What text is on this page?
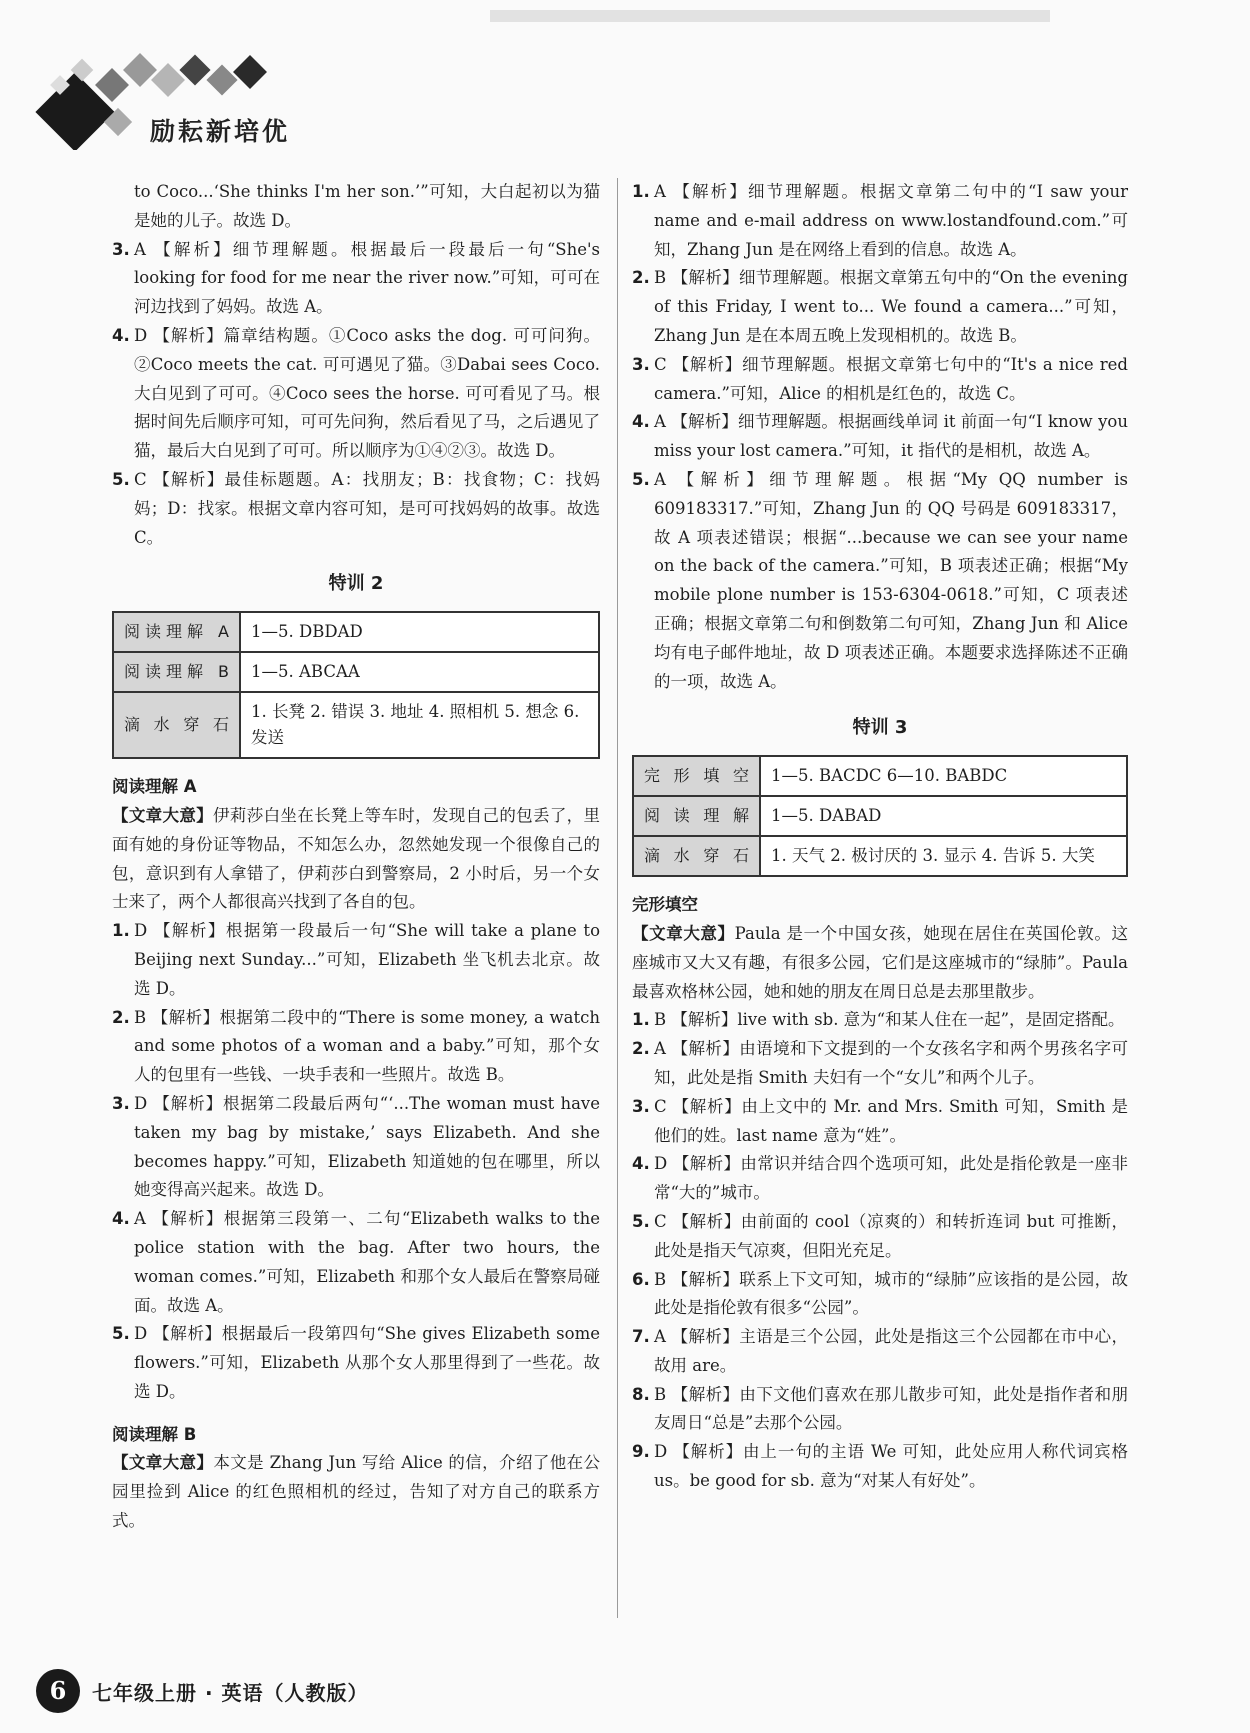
励耘新培优

to Coco...‘She thinks I'm her son.’”可知，大白起初以为猫是她的儿子。故选 D。

3. A 【解析】细节理解题。根据最后一段最后一句“She's looking for food for me near the river now.”可知，可可在河边找到了妈妈。故选 A。
4. D 【解析】篇章结构题。①Coco asks the dog. 可可问狗。②Coco meets the cat. 可可遇见了猫。③Dabai sees Coco. 大白见到了可可。④Coco sees the horse. 可可看见了马。根据时间先后顺序可知，可可先问狗，然后看见了马，之后遇见了猫，最后大白见到了可可。所以顺序为①④②③。故选 D。
5. C 【解析】最佳标题题。A：找朋友；B：找食物；C：找妈妈；D：找家。根据文章内容可知，是可可找妈妈的故事。故选 C。
特训 2
阅读理解 A	1—5. DBDAD
阅读理解 B	1—5. ABCAA
滴水穿石	1. 长凳 2. 错误 3. 地址 4. 照相机 5. 想念 6. 发送
阅读理解 A

【文章大意】伊莉莎白坐在长凳上等车时，发现自己的包丢了，里面有她的身份证等物品，不知怎么办，忽然她发现一个很像自己的包，意识到有人拿错了，伊莉莎白到警察局，2 小时后，另一个女士来了，两个人都很高兴找到了各自的包。

1. D 【解析】根据第一段最后一句“She will take a plane to Beijing next Sunday...”可知，Elizabeth 坐飞机去北京。故选 D。
2. B 【解析】根据第二段中的“There is some money, a watch and some photos of a woman and a baby.”可知，那个女人的包里有一些钱、一块手表和一些照片。故选 B。
3. D 【解析】根据第二段最后两句“‘...The woman must have taken my bag by mistake,’ says Elizabeth. And she becomes happy.”可知，Elizabeth 知道她的包在哪里，所以她变得高兴起来。故选 D。
4. A 【解析】根据第三段第一、二句“Elizabeth walks to the police station with the bag. After two hours, the woman comes.”可知，Elizabeth 和那个女人最后在警察局碰面。故选 A。
5. D 【解析】根据最后一段第四句“She gives Elizabeth some flowers.”可知，Elizabeth 从那个女人那里得到了一些花。故选 D。
阅读理解 B

【文章大意】本文是 Zhang Jun 写给 Alice 的信，介绍了他在公园里捡到 Alice 的红色照相机的经过，告知了对方自己的联系方式。

1. A 【解析】细节理解题。根据文章第二句中的“I saw your name and e-mail address on www.lostandfound.com.”可知，Zhang Jun 是在网络上看到的信息。故选 A。
2. B 【解析】细节理解题。根据文章第五句中的“On the evening of this Friday, I went to... We found a camera...”可知，Zhang Jun 是在本周五晚上发现相机的。故选 B。
3. C 【解析】细节理解题。根据文章第七句中的“It's a nice red camera.”可知，Alice 的相机是红色的，故选 C。
4. A 【解析】细节理解题。根据画线单词 it 前面一句“I know you miss your lost camera.”可知，it 指代的是相机，故选 A。
5. A 【解析】细节理解题。根据“My QQ number is 609183317.”可知，Zhang Jun 的 QQ 号码是 609183317，故 A 项表述错误；根据“...because we can see your name on the back of the camera.”可知，B 项表述正确；根据“My mobile plone number is 153-6304-0618.”可知，C 项表述正确；根据文章第二句和倒数第二句可知，Zhang Jun 和 Alice 均有电子邮件地址，故 D 项表述正确。本题要求选择陈述不正确的一项，故选 A。
特训 3
完形填空	1—5. BACDC 6—10. BABDC
阅读理解	1—5. DABAD
滴水穿石	1. 天气 2. 极讨厌的 3. 显示 4. 告诉 5. 大笑
完形填空

【文章大意】Paula 是一个中国女孩，她现在居住在英国伦敦。这座城市又大又有趣，有很多公园，它们是这座城市的“绿肺”。Paula 最喜欢格林公园，她和她的朋友在周日总是去那里散步。

1. B 【解析】live with sb. 意为“和某人住在一起”，是固定搭配。
2. A 【解析】由语境和下文提到的一个女孩名字和两个男孩名字可知，此处是指 Smith 夫妇有一个“女儿”和两个儿子。
3. C 【解析】由上文中的 Mr. and Mrs. Smith 可知，Smith 是他们的姓。last name 意为“姓”。
4. D 【解析】由常识并结合四个选项可知，此处是指伦敦是一座非常“大的”城市。
5. C 【解析】由前面的 cool（凉爽的）和转折连词 but 可推断，此处是指天气凉爽，但阳光充足。
6. B 【解析】联系上下文可知，城市的“绿肺”应该指的是公园，故此处是指伦敦有很多“公园”。
7. A 【解析】主语是三个公园，此处是指这三个公园都在市中心，故用 are。
8. B 【解析】由下文他们喜欢在那儿散步可知，此处是指作者和朋友周日“总是”去那个公园。
9. D 【解析】由上一句的主语 We 可知，此处应用人称代词宾格 us。be good for sb. 意为“对某人有好处”。
6	七年级上册 · 英语（人教版）
